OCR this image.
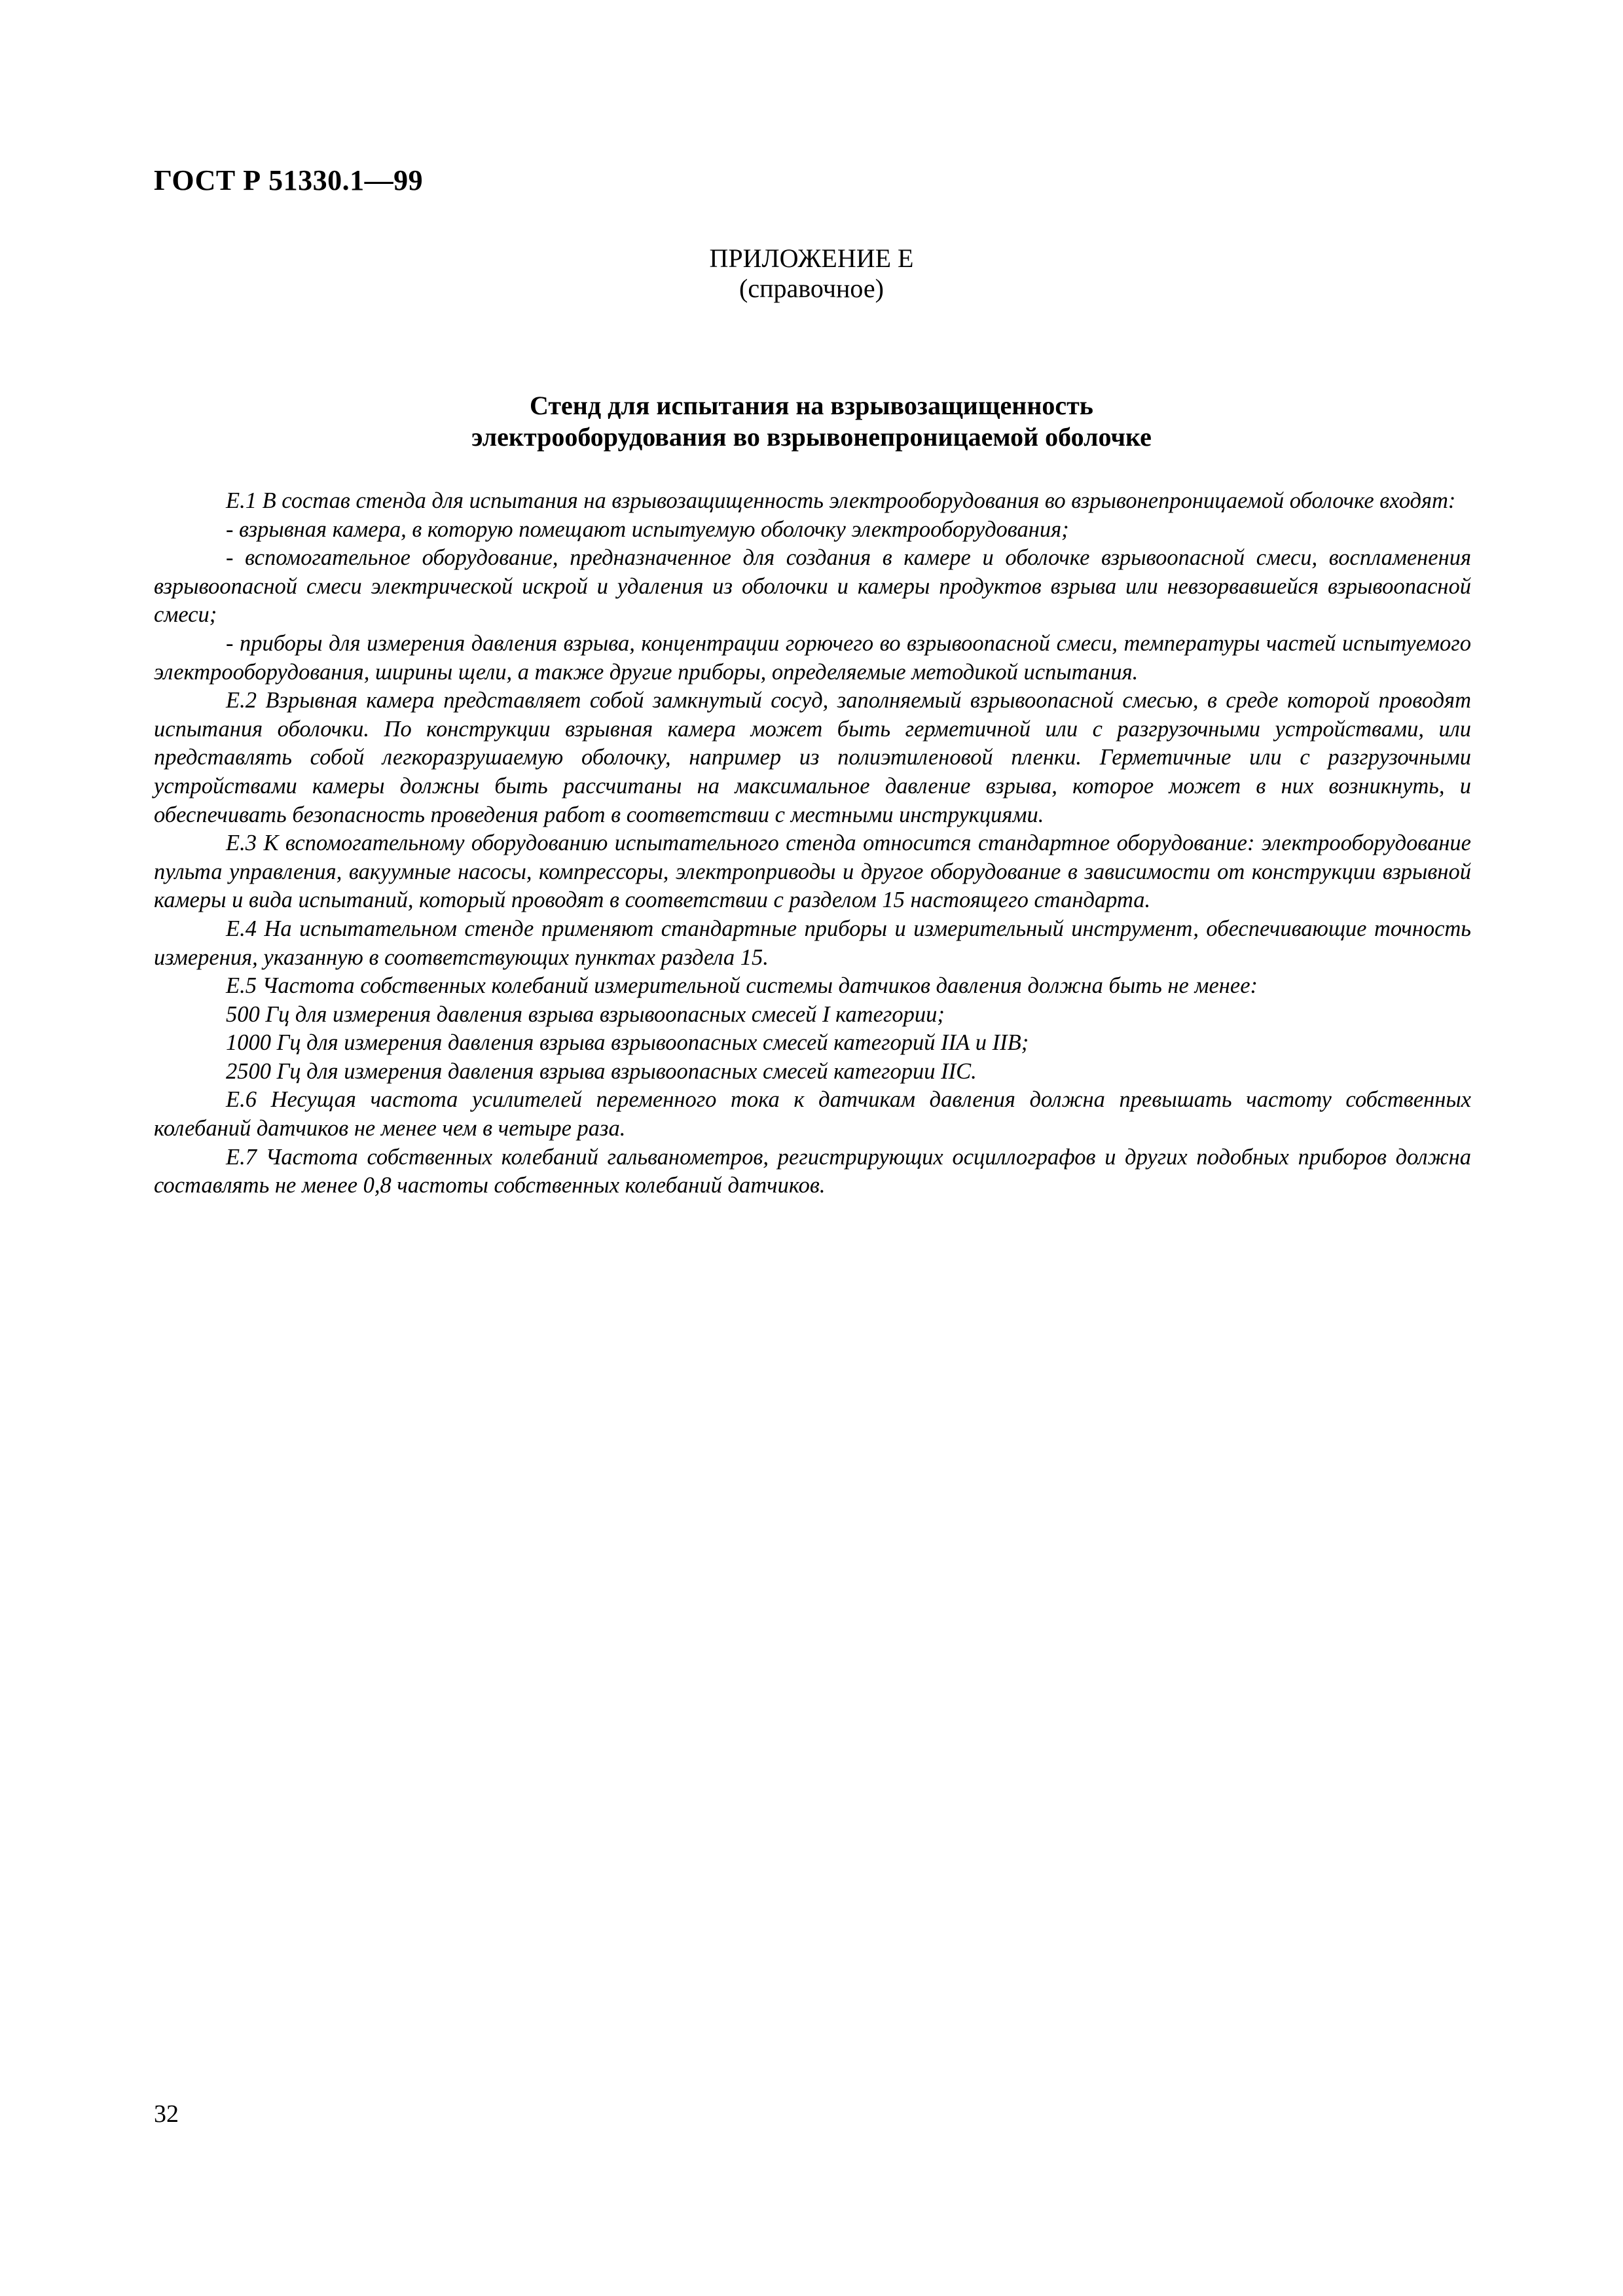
ГОСТ Р 51330.1—99
ПРИЛОЖЕНИЕ Е
(справочное)
Стенд для испытания на взрывозащищенность
электрооборудования во взрывонепроницаемой оболочке

Е.1 В состав стенда для испытания на взрывозащищенность электрооборудования во взрывонепроницаемой оболочке входят:

- взрывная камера, в которую помещают испытуемую оболочку электрооборудования;

- вспомогательное оборудование, предназначенное для создания в камере и оболочке взрывоопасной смеси, воспламенения взрывоопасной смеси электрической искрой и удаления из оболочки и камеры продуктов взрыва или невзорвавшейся взрывоопасной смеси;

- приборы для измерения давления взрыва, концентрации горючего во взрывоопасной смеси, температуры частей испытуемого электрооборудования, ширины щели, а также другие приборы, определяемые методикой испытания.

Е.2 Взрывная камера представляет собой замкнутый сосуд, заполняемый взрывоопасной смесью, в среде которой проводят испытания оболочки. По конструкции взрывная камера может быть герметичной или с разгрузочными устройствами, или представлять собой легкоразрушаемую оболочку, например из полиэтиленовой пленки. Герметичные или с разгрузочными устройствами камеры должны быть рассчитаны на максимальное давление взрыва, которое может в них возникнуть, и обеспечивать безопасность проведения работ в соответствии с местными инструкциями.

Е.3 К вспомогательному оборудованию испытательного стенда относится стандартное оборудование: электрооборудование пульта управления, вакуумные насосы, компрессоры, электроприводы и другое оборудование в зависимости от конструкции взрывной камеры и вида испытаний, который проводят в соответствии с разделом 15 настоящего стандарта.

Е.4 На испытательном стенде применяют стандартные приборы и измерительный инструмент, обеспечивающие точность измерения, указанную в соответствующих пунктах раздела 15.

Е.5 Частота собственных колебаний измерительной системы датчиков давления должна быть не менее:

500 Гц для измерения давления взрыва взрывоопасных смесей I категории;

1000 Гц для измерения давления взрыва взрывоопасных смесей категорий IIА и IIВ;

2500 Гц для измерения давления взрыва взрывоопасных смесей категории IIС.

Е.6 Несущая частота усилителей переменного тока к датчикам давления должна превышать частоту собственных колебаний датчиков не менее чем в четыре раза.

Е.7 Частота собственных колебаний гальванометров, регистрирующих осциллографов и других подобных приборов должна составлять не менее 0,8 частоты собственных колебаний датчиков.

32
